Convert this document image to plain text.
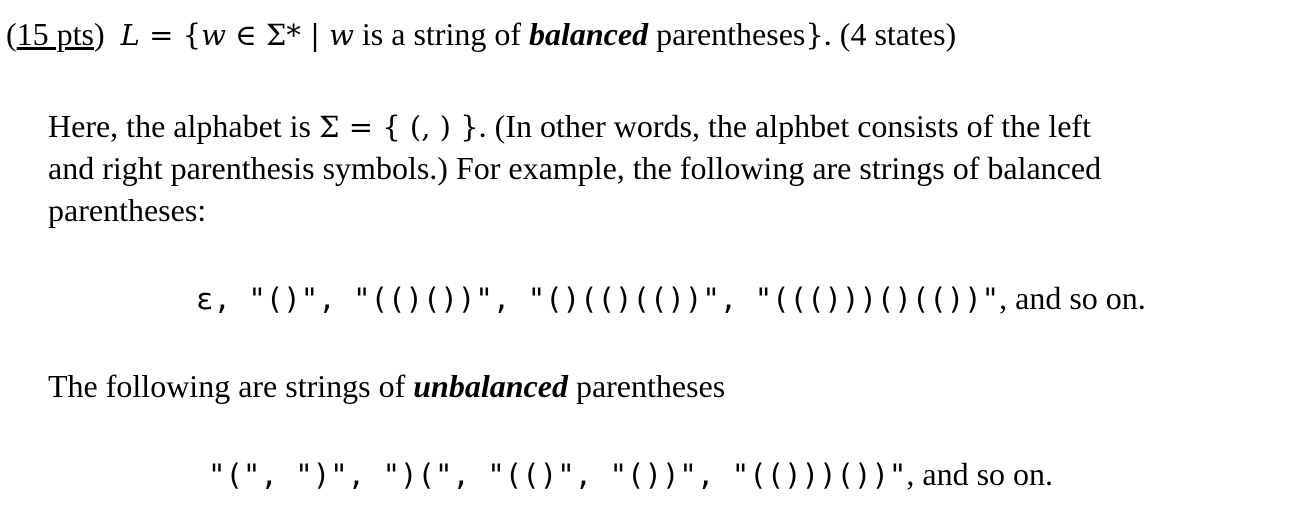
(15 pts) L = {w ∈ Σ* | w is a string of balanced parentheses}. (4 states)
Here, the alphabet is Σ = { (, ) }. (In other words, the alphbet consists of the left
and right parenthesis symbols.) For example, the following are strings of balanced
parentheses:
ε, "()", "(()())", "()(()(())", "((()))()(())", and so on.
The following are strings of unbalanced parentheses
"(", ")", ")(", "(()", "())", "(()))())", and so on.
